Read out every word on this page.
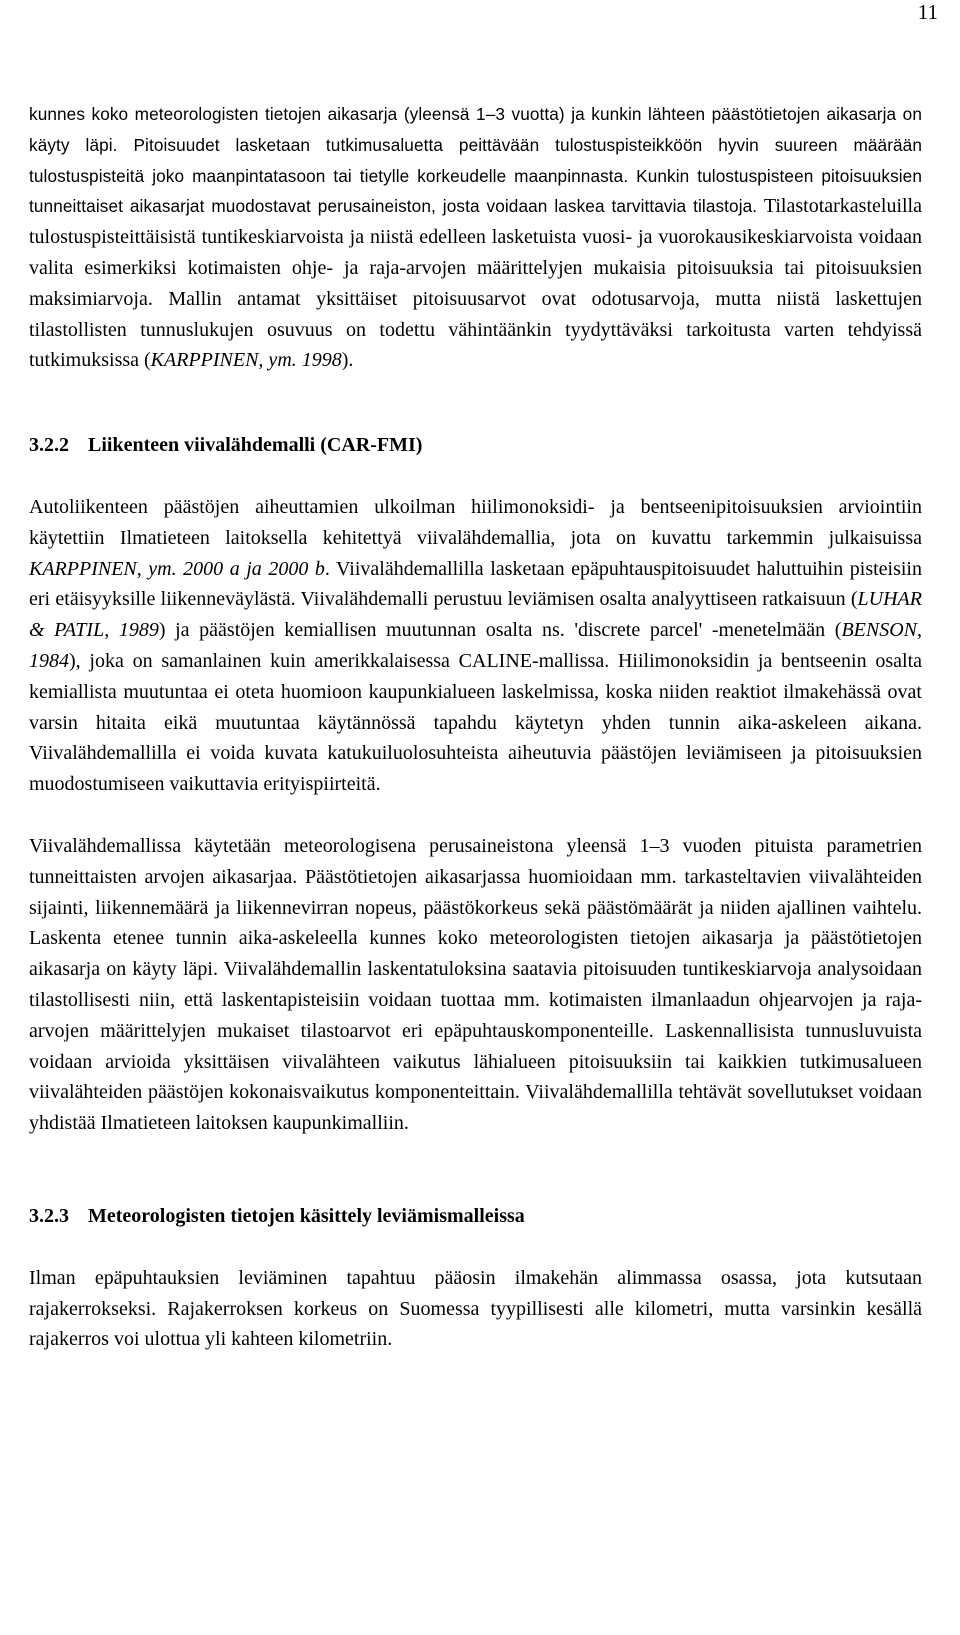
11

kunnes koko meteorologisten tietojen aikasarja (yleensä 1–3 vuotta) ja kunkin lähteen päästötietojen aikasarja on käyty läpi. Pitoisuudet lasketaan tutkimusaluetta peittävään tulostuspisteikköön hyvin suureen määrään tulostuspisteitä joko maanpintatasoon tai tietylle korkeudelle maanpinnasta. Kunkin tulostuspisteen pitoisuuksien tunneittaiset aikasarjat muodostavat perusaineiston, josta voidaan laskea tarvittavia tilastoja. Tilastotarkasteluilla tulostuspisteittäisistä tuntikeskiarvoista ja niistä edelleen lasketuista vuosi- ja vuorokausikeskiarvoista voidaan valita esimerkiksi kotimaisten ohje- ja raja-arvojen määrittelyjen mukaisia pitoisuuksia tai pitoisuuksien maksimiarvoja. Mallin antamat yksittäiset pitoisuusarvot ovat odotusarvoja, mutta niistä laskettujen tilastollisten tunnuslukujen osuvuus on todettu vähintäänkin tyydyttäväksi tarkoitusta varten tehdyissä tutkimuksissa (KARPPINEN, ym. 1998).

3.2.2 Liikenteen viivalähdemalli (CAR-FMI)

Autoliikenteen päästöjen aiheuttamien ulkoilman hiilimonoksidi- ja bentseenipitoisuuksien arviointiin käytettiin Ilmatieteen laitoksella kehitettyä viivalähdemallia, jota on kuvattu tarkemmin julkaisuissa KARPPINEN, ym. 2000 a ja 2000 b. Viivalähdemallilla lasketaan epäpuhtauspitoisuudet haluttuihin pisteisiin eri etäisyyksille liikenneväylästä. Viivalähdemalli perustuu leviämisen osalta analyyttiseen ratkaisuun (LUHAR & PATIL, 1989) ja päästöjen kemiallisen muutunnan osalta ns. 'discrete parcel' -menetelmään (BENSON, 1984), joka on samanlainen kuin amerikkalaisessa CALINE-mallissa. Hiilimonoksidin ja bentseenin osalta kemiallista muutuntaa ei oteta huomioon kaupunkialueen laskelmissa, koska niiden reaktiot ilmakehässä ovat varsin hitaita eikä muutuntaa käytännössä tapahdu käytetyn yhden tunnin aika-askeleen aikana. Viivalähdemallilla ei voida kuvata katukuiluolosuhteista aiheutuvia päästöjen leviämiseen ja pitoisuuksien muodostumiseen vaikuttavia erityispiirteitä.

Viivalähdemallissa käytetään meteorologisena perusaineistona yleensä 1–3 vuoden pituista parametrien tunneittaisten arvojen aikasarjaa. Päästötietojen aikasarjassa huomioidaan mm. tarkasteltavien viivalähteiden sijainti, liikennemäärä ja liikennevirran nopeus, päästökorkeus sekä päästömäärät ja niiden ajallinen vaihtelu. Laskenta etenee tunnin aika-askeleella kunnes koko meteorologisten tietojen aikasarja ja päästötietojen aikasarja on käyty läpi. Viivalähdemallin laskentatuloksina saatavia pitoisuuden tuntikeskiarvoja analysoidaan tilastollisesti niin, että laskentapisteisiin voidaan tuottaa mm. kotimaisten ilmanlaadun ohjearvojen ja raja-arvojen määrittelyjen mukaiset tilastoarvot eri epäpuhtauskomponenteille. Laskennallisista tunnusluvuista voidaan arvioida yksittäisen viivalähteen vaikutus lähialueen pitoisuuksiin tai kaikkien tutkimusalueen viivalähteiden päästöjen kokonaisvaikutus komponenteittain. Viivalähdemallilla tehtävät sovellutukset voidaan yhdistää Ilmatieteen laitoksen kaupunkimalliin.

3.2.3 Meteorologisten tietojen käsittely leviämismalleissa

Ilman epäpuhtauksien leviäminen tapahtuu pääosin ilmakehän alimmassa osassa, jota kutsutaan rajakerrokseksi. Rajakerroksen korkeus on Suomessa tyypillisesti alle kilometri, mutta varsinkin kesällä rajakerros voi ulottua yli kahteen kilometriin.
